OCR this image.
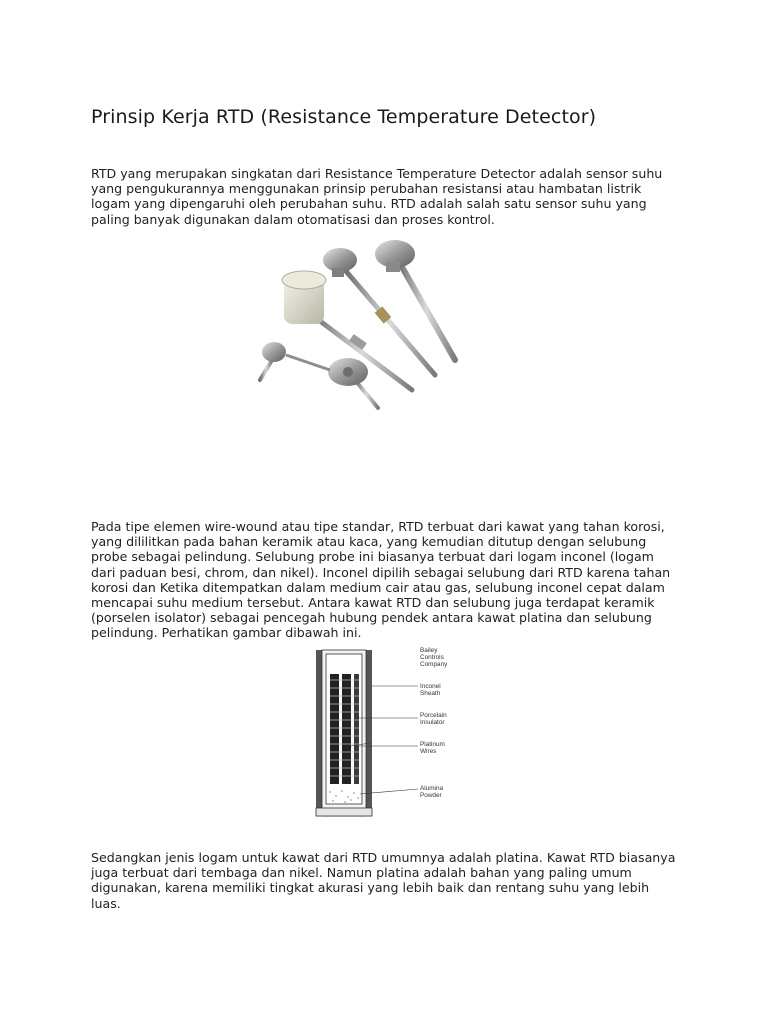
Prinsip Kerja RTD (Resistance Temperature Detector)

RTD yang merupakan singkatan dari Resistance Temperature Detector adalah sensor suhu
yang pengukurannya menggunakan prinsip perubahan resistansi atau hambatan listrik
logam yang dipengaruhi oleh perubahan suhu. RTD adalah salah satu sensor suhu yang
paling banyak digunakan dalam otomatisasi dan proses kontrol.

Pada tipe elemen wire-wound atau tipe standar, RTD terbuat dari kawat yang tahan korosi,
yang dililitkan pada bahan keramik atau kaca, yang kemudian ditutup dengan selubung
probe sebagai pelindung. Selubung probe ini biasanya terbuat dari logam inconel (logam
dari paduan besi, chrom, dan nikel). Inconel dipilih sebagai selubung dari RTD karena tahan
korosi dan Ketika ditempatkan dalam medium cair atau gas, selubung inconel cepat dalam
mencapai suhu medium tersebut. Antara kawat RTD dan selubung juga terdapat keramik
(porselen isolator) sebagai pencegah hubung pendek antara kawat platina dan selubung
pelindung. Perhatikan gambar dibawah ini.

Bailey
Controls
Company
Inconel
Sheath
Porcelain
Insulator
Platinum
Wires
Alumina
Powder

Sedangkan jenis logam untuk kawat dari RTD umumnya adalah platina. Kawat RTD biasanya
juga terbuat dari tembaga dan nikel. Namun platina adalah bahan yang paling umum
digunakan, karena memiliki tingkat akurasi yang lebih baik dan rentang suhu yang lebih
luas.
